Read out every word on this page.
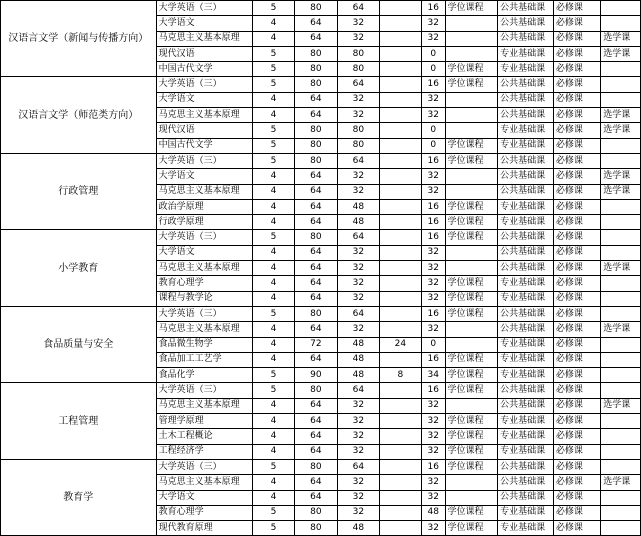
汉语言文学（新闻与传播方向）	大学英语（三）	5	80	64		16	学位课程	公共基础课	必修课	
	大学语文	4	64	32		32		公共基础课	必修课	
	马克思主义基本原理	4	64	32		32		公共基础课	必修课	选学课
	现代汉语	5	80	80		0		专业基础课	必修课	选学课
	中国古代文学	5	80	80		0	学位课程	专业基础课	必修课	
汉语言文学（师范类方向）	大学英语（三）	5	80	64		16	学位课程	公共基础课	必修课	
	大学语文	4	64	32		32		公共基础课	必修课	
	马克思主义基本原理	4	64	32		32		公共基础课	必修课	选学课
	现代汉语	5	80	80		0		专业基础课	必修课	选学课
	中国古代文学	5	80	80		0	学位课程	专业基础课	必修课	
行政管理	大学英语（三）	5	80	64		16	学位课程	公共基础课	必修课	
	大学语文	4	64	32		32		公共基础课	必修课	选学课
	马克思主义基本原理	4	64	32		32		公共基础课	必修课	选学课
	政治学原理	4	64	48		16	学位课程	专业基础课	必修课	
	行政学原理	4	64	48		16	学位课程	专业基础课	必修课	
小学教育	大学英语（三）	5	80	64		16	学位课程	公共基础课	必修课	
	大学语文	4	64	32		32		公共基础课	必修课	
	马克思主义基本原理	4	64	32		32		公共基础课	必修课	选学课
	教育心理学	4	64	32		32	学位课程	专业基础课	必修课	
	课程与教学论	4	64	32		32	学位课程	专业基础课	必修课	
食品质量与安全	大学英语（三）	5	80	64		16	学位课程	公共基础课	必修课	
	马克思主义基本原理	4	64	32		32		公共基础课	必修课	选学课
	食品微生物学	4	72	48	24	0		专业基础课	必修课	
	食品加工工艺学	4	64	48		16	学位课程	专业基础课	必修课	
	食品化学	5	90	48	8	34	学位课程	专业基础课	必修课	
工程管理	大学英语（三）	5	80	64		16	学位课程	公共基础课	必修课	
	马克思主义基本原理	4	64	32		32		公共基础课	必修课	选学课
	管理学原理	4	64	32		32	学位课程	专业基础课	必修课	
	土木工程概论	4	64	32		32	学位课程	专业基础课	必修课	
	工程经济学	4	64	32		32	学位课程	专业基础课	必修课	
教育学	大学英语（三）	5	80	64		16	学位课程	公共基础课	必修课	
	马克思主义基本原理	4	64	32		32		公共基础课	必修课	选学课
	大学语文	4	64	32		32		公共基础课	必修课	
	教育心理学	5	80	32		48	学位课程	专业基础课	必修课	
	现代教育原理	5	80	48		32	学位课程	专业基础课	必修课	
